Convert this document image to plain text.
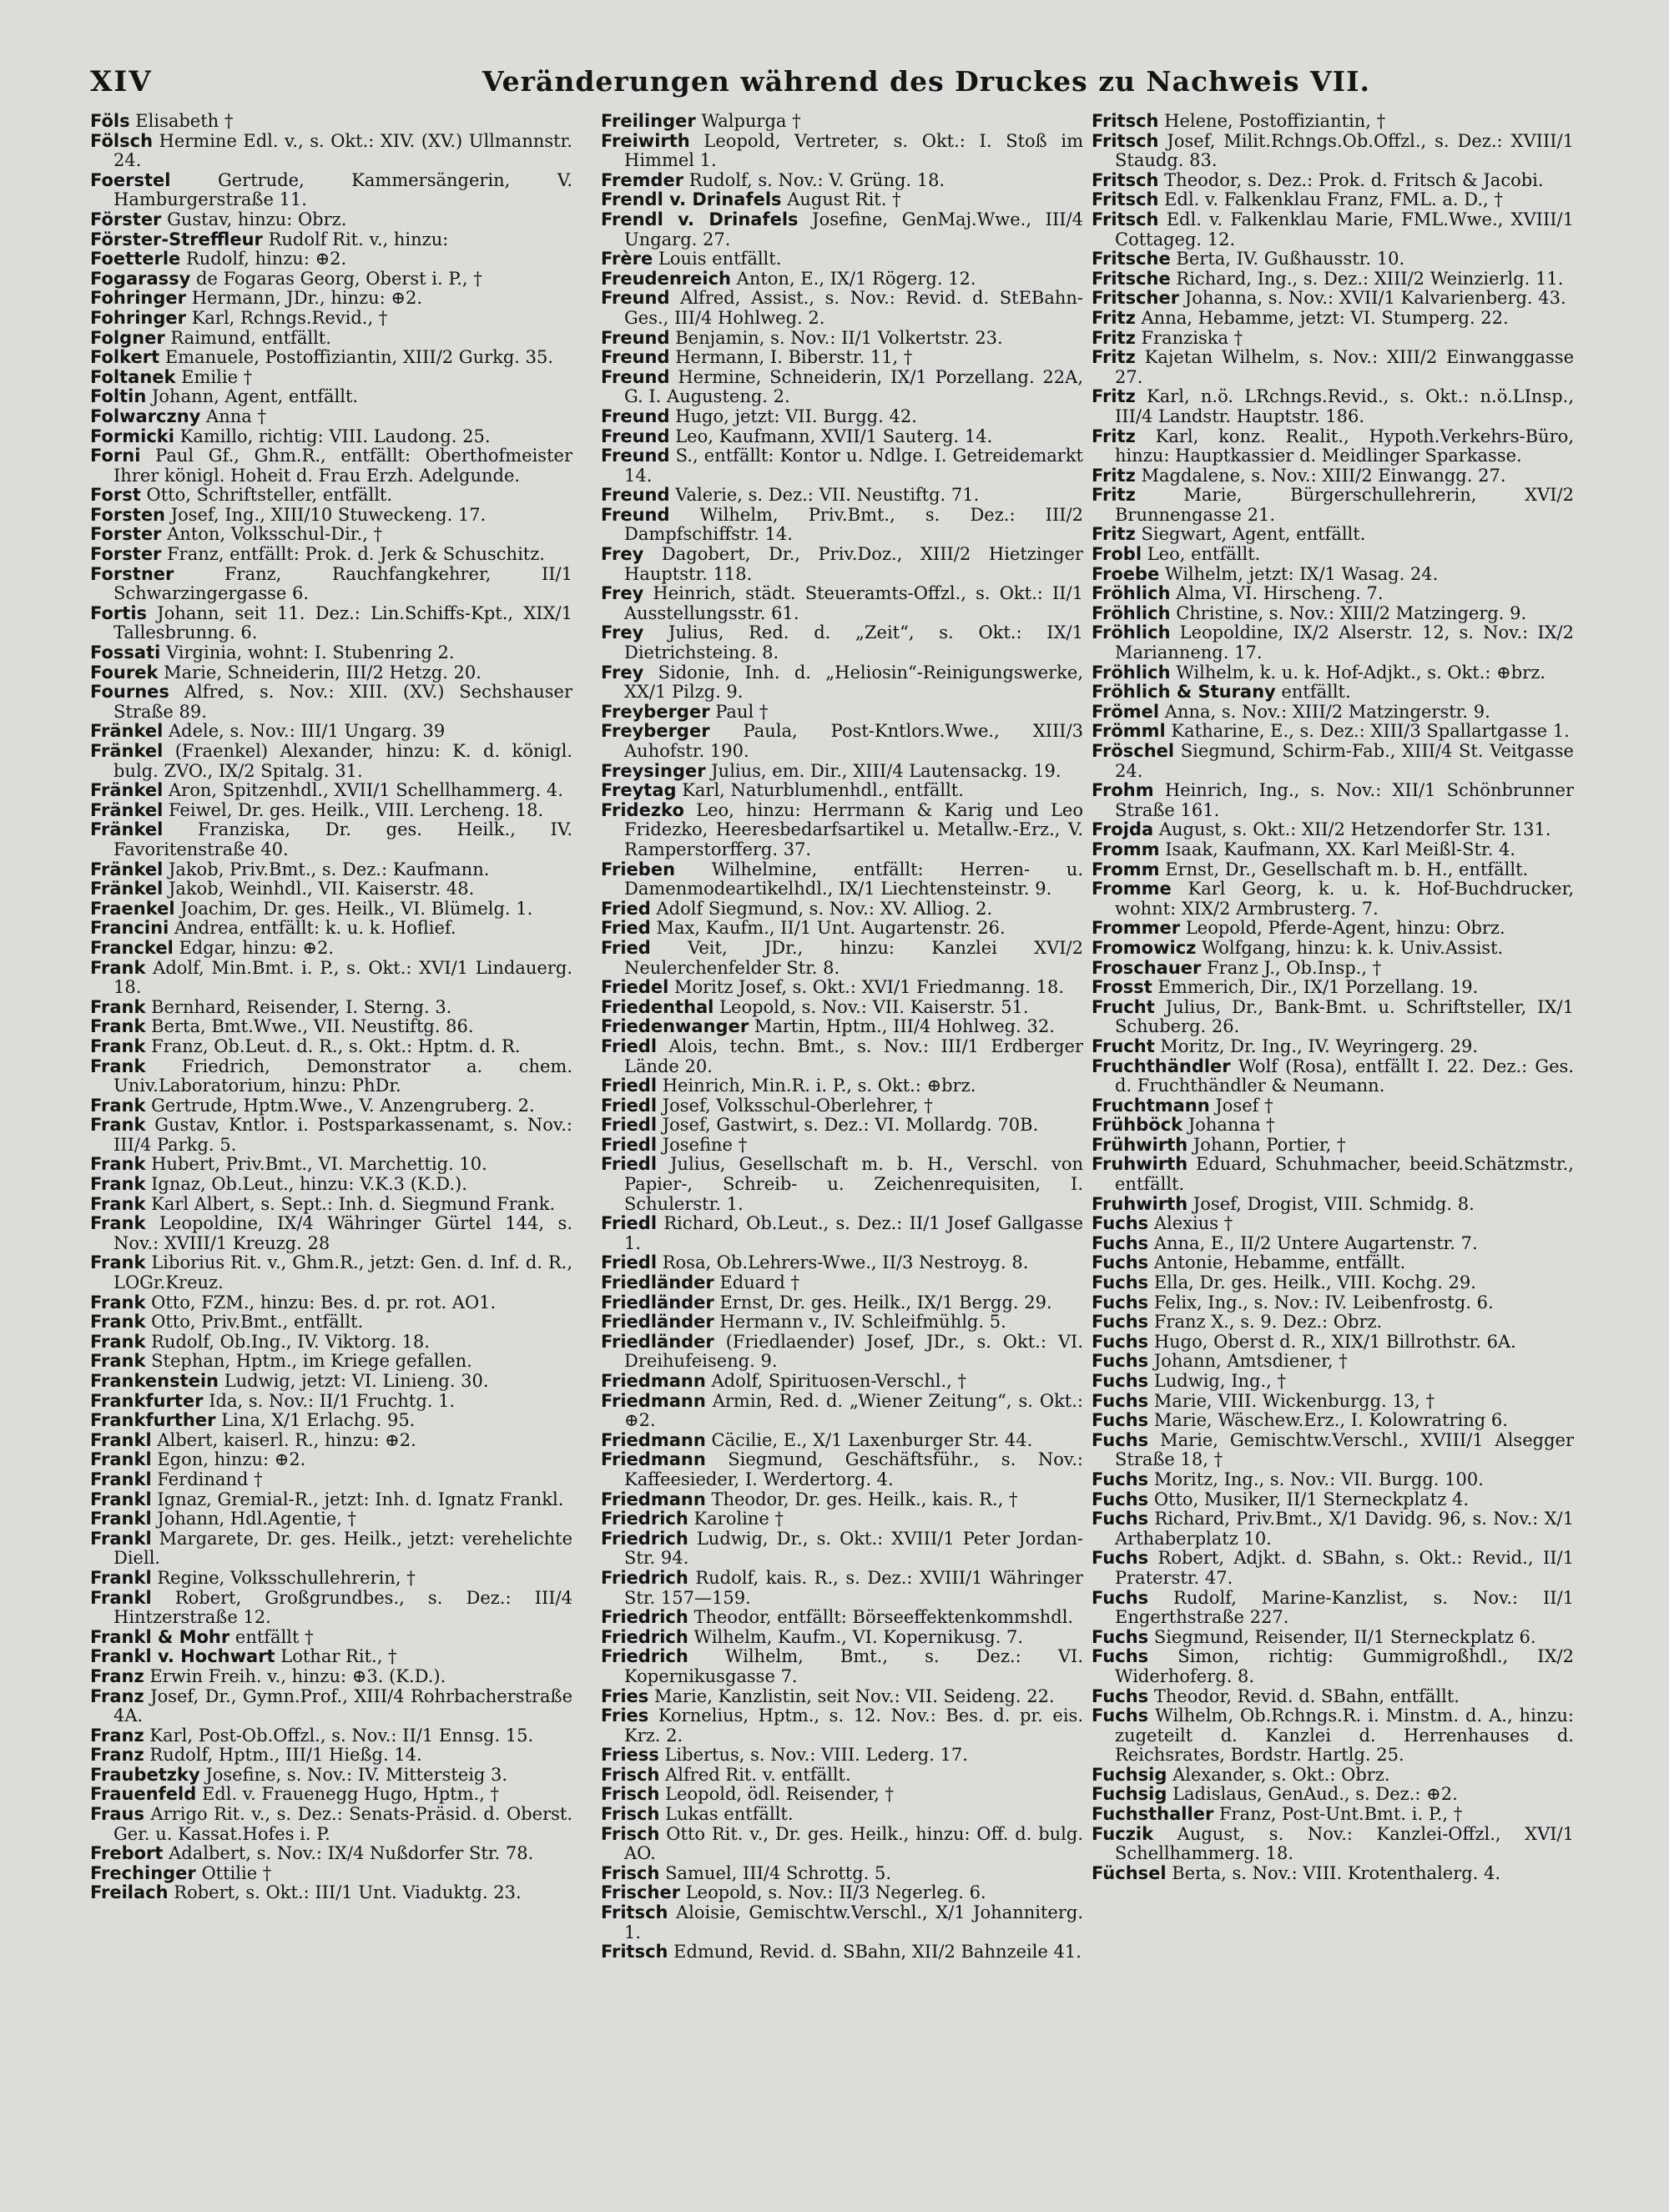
XIV	Veränderungen während des Druckes zu Nachweis VII.
Föls Elisabeth †
Fölsch Hermine Edl. v., s. Okt.: XIV. (XV.) Ullmannstr. 24.
Foerstel Gertrude, Kammersängerin, V. Hamburgerstraße 11.
Förster Gustav, hinzu: Obrz.
Förster-Streffleur Rudolf Rit. v., hinzu:
Foetterle Rudolf, hinzu: ⊕2.
Fogarassy de Fogaras Georg, Oberst i. P., †
Fohringer Hermann, JDr., hinzu: ⊕2.
Fohringer Karl, Rchngs.Revid., †
Folgner Raimund, entfällt.
Folkert Emanuele, Postoffiziantin, XIII/2 Gurkg. 35.
Foltanek Emilie †
Foltin Johann, Agent, entfällt.
Folwarczny Anna †
Formicki Kamillo, richtig: VIII. Laudong. 25.
Forni Paul Gf., Ghm.R., entfällt: Oberthofmeister Ihrer königl. Hoheit d. Frau Erzh. Adelgunde.
Forst Otto, Schriftsteller, entfällt.
Forsten Josef, Ing., XIII/10 Stuweckeng. 17.
Forster Anton, Volksschul-Dir., †
Forster Franz, entfällt: Prok. d. Jerk & Schuschitz.
Forstner Franz, Rauchfangkehrer, II/1 Schwarzingergasse 6.
Fortis Johann, seit 11. Dez.: Lin.Schiffs-Kpt., XIX/1 Tallesbrunng. 6.
Fossati Virginia, wohnt: I. Stubenring 2.
Fourek Marie, Schneiderin, III/2 Hetzg. 20.
Fournes Alfred, s. Nov.: XIII. (XV.) Sechshauser Straße 89.
Fränkel Adele, s. Nov.: III/1 Ungarg. 39
Fränkel (Fraenkel) Alexander, hinzu: K. d. königl. bulg. ZVO., IX/2 Spitalg. 31.
Fränkel Aron, Spitzenhdl., XVII/1 Schellhammerg. 4.
Fränkel Feiwel, Dr. ges. Heilk., VIII. Lercheng. 18.
Fränkel Franziska, Dr. ges. Heilk., IV. Favoritenstraße 40.
Fränkel Jakob, Priv.Bmt., s. Dez.: Kaufmann.
Fränkel Jakob, Weinhdl., VII. Kaiserstr. 48.
Fraenkel Joachim, Dr. ges. Heilk., VI. Blümelg. 1.
Francini Andrea, entfällt: k. u. k. Hoflief.
Franckel Edgar, hinzu: ⊕2.
Frank Adolf, Min.Bmt. i. P., s. Okt.: XVI/1 Lindauerg. 18.
Frank Bernhard, Reisender, I. Sterng. 3.
Frank Berta, Bmt.Wwe., VII. Neustiftg. 86.
Frank Franz, Ob.Leut. d. R., s. Okt.: Hptm. d. R.
Frank Friedrich, Demonstrator a. chem. Univ.Laboratorium, hinzu: PhDr.
Frank Gertrude, Hptm.Wwe., V. Anzengruberg. 2.
Frank Gustav, Kntlor. i. Postsparkassenamt, s. Nov.: III/4 Parkg. 5.
Frank Hubert, Priv.Bmt., VI. Marchettig. 10.
Frank Ignaz, Ob.Leut., hinzu: V.K.3 (K.D.).
Frank Karl Albert, s. Sept.: Inh. d. Siegmund Frank.
Frank Leopoldine, IX/4 Währinger Gürtel 144, s. Nov.: XVIII/1 Kreuzg. 28
Frank Liborius Rit. v., Ghm.R., jetzt: Gen. d. Inf. d. R., LOGr.Kreuz.
Frank Otto, FZM., hinzu: Bes. d. pr. rot. AO1.
Frank Otto, Priv.Bmt., entfällt.
Frank Rudolf, Ob.Ing., IV. Viktorg. 18.
Frank Stephan, Hptm., im Kriege gefallen.
Frankenstein Ludwig, jetzt: VI. Linieng. 30.
Frankfurter Ida, s. Nov.: II/1 Fruchtg. 1.
Frankfurther Lina, X/1 Erlachg. 95.
Frankl Albert, kaiserl. R., hinzu: ⊕2.
Frankl Egon, hinzu: ⊕2.
Frankl Ferdinand †
Frankl Ignaz, Gremial-R., jetzt: Inh. d. Ignatz Frankl.
Frankl Johann, Hdl.Agentie, †
Frankl Margarete, Dr. ges. Heilk., jetzt: verehelichte Diell.
Frankl Regine, Volksschullehrerin, †
Frankl Robert, Großgrundbes., s. Dez.: III/4 Hintzerstraße 12.
Frankl & Mohr entfällt †
Frankl v. Hochwart Lothar Rit., †
Franz Erwin Freih. v., hinzu: ⊕3. (K.D.).
Franz Josef, Dr., Gymn.Prof., XIII/4 Rohrbacherstraße 4A.
Franz Karl, Post-Ob.Offzl., s. Nov.: II/1 Ennsg. 15.
Franz Rudolf, Hptm., III/1 Hießg. 14.
Fraubetzky Josefine, s. Nov.: IV. Mittersteig 3.
Frauenfeld Edl. v. Frauenegg Hugo, Hptm., †
Fraus Arrigo Rit. v., s. Dez.: Senats-Präsid. d. Oberst. Ger. u. Kassat.Hofes i. P.
Frebort Adalbert, s. Nov.: IX/4 Nußdorfer Str. 78.
Frechinger Ottilie †
Freilach Robert, s. Okt.: III/1 Unt. Viaduktg. 23.
Freilinger Walpurga †
Freiwirth Leopold, Vertreter, s. Okt.: I. Stoß im Himmel 1.
Fremder Rudolf, s. Nov.: V. Grüng. 18.
Frendl v. Drinafels August Rit. †
Frendl v. Drinafels Josefine, GenMaj.Wwe., III/4 Ungarg. 27.
Frère Louis entfällt.
Freudenreich Anton, E., IX/1 Rögerg. 12.
Freund Alfred, Assist., s. Nov.: Revid. d. StEBahn-Ges., III/4 Hohlweg. 2.
Freund Benjamin, s. Nov.: II/1 Volkertstr. 23.
Freund Hermann, I. Biberstr. 11, †
Freund Hermine, Schneiderin, IX/1 Porzellang. 22A, G. I. Augusteng. 2.
Freund Hugo, jetzt: VII. Burgg. 42.
Freund Leo, Kaufmann, XVII/1 Sauterg. 14.
Freund S., entfällt: Kontor u. Ndlge. I. Getreidemarkt 14.
Freund Valerie, s. Dez.: VII. Neustiftg. 71.
Freund Wilhelm, Priv.Bmt., s. Dez.: III/2 Dampfschiffstr. 14.
Frey Dagobert, Dr., Priv.Doz., XIII/2 Hietzinger Hauptstr. 118.
Frey Heinrich, städt. Steueramts-Offzl., s. Okt.: II/1 Ausstellungsstr. 61.
Frey Julius, Red. d. „Zeit“, s. Okt.: IX/1 Dietrichsteing. 8.
Frey Sidonie, Inh. d. „Heliosin“-Reinigungswerke, XX/1 Pilzg. 9.
Freyberger Paul †
Freyberger Paula, Post-Kntlors.Wwe., XIII/3 Auhofstr. 190.
Freysinger Julius, em. Dir., XIII/4 Lautensackg. 19.
Freytag Karl, Naturblumenhdl., entfällt.
Fridezko Leo, hinzu: Herrmann & Karig und Leo Fridezko, Heeresbedarfsartikel u. Metallw.-Erz., V. Ramperstorfferg. 37.
Frieben Wilhelmine, entfällt: Herren- u. Damenmodeartikelhdl., IX/1 Liechtensteinstr. 9.
Fried Adolf Siegmund, s. Nov.: XV. Alliog. 2.
Fried Max, Kaufm., II/1 Unt. Augartenstr. 26.
Fried Veit, JDr., hinzu: Kanzlei XVI/2 Neulerchenfelder Str. 8.
Friedel Moritz Josef, s. Okt.: XVI/1 Friedmanng. 18.
Friedenthal Leopold, s. Nov.: VII. Kaiserstr. 51.
Friedenwanger Martin, Hptm., III/4 Hohlweg. 32.
Friedl Alois, techn. Bmt., s. Nov.: III/1 Erdberger Lände 20.
Friedl Heinrich, Min.R. i. P., s. Okt.: ⊕brz.
Friedl Josef, Volksschul-Oberlehrer, †
Friedl Josef, Gastwirt, s. Dez.: VI. Mollardg. 70B.
Friedl Josefine †
Friedl Julius, Gesellschaft m. b. H., Verschl. von Papier-, Schreib- u. Zeichenrequisiten, I. Schulerstr. 1.
Friedl Richard, Ob.Leut., s. Dez.: II/1 Josef Gallgasse 1.
Friedl Rosa, Ob.Lehrers-Wwe., II/3 Nestroyg. 8.
Friedländer Eduard †
Friedländer Ernst, Dr. ges. Heilk., IX/1 Bergg. 29.
Friedländer Hermann v., IV. Schleifmühlg. 5.
Friedländer (Friedlaender) Josef, JDr., s. Okt.: VI. Dreihufeiseng. 9.
Friedmann Adolf, Spirituosen-Verschl., †
Friedmann Armin, Red. d. „Wiener Zeitung“, s. Okt.: ⊕2.
Friedmann Cäcilie, E., X/1 Laxenburger Str. 44.
Friedmann Siegmund, Geschäftsführ., s. Nov.: Kaffeesieder, I. Werdertorg. 4.
Friedmann Theodor, Dr. ges. Heilk., kais. R., †
Friedrich Karoline †
Friedrich Ludwig, Dr., s. Okt.: XVIII/1 Peter Jordan-Str. 94.
Friedrich Rudolf, kais. R., s. Dez.: XVIII/1 Währinger Str. 157—159.
Friedrich Theodor, entfällt: Börseeffektenkommshdl.
Friedrich Wilhelm, Kaufm., VI. Kopernikusg. 7.
Friedrich Wilhelm, Bmt., s. Dez.: VI. Kopernikusgasse 7.
Fries Marie, Kanzlistin, seit Nov.: VII. Seideng. 22.
Fries Kornelius, Hptm., s. 12. Nov.: Bes. d. pr. eis. Krz. 2.
Friess Libertus, s. Nov.: VIII. Lederg. 17.
Frisch Alfred Rit. v. entfällt.
Frisch Leopold, ödl. Reisender, †
Frisch Lukas entfällt.
Frisch Otto Rit. v., Dr. ges. Heilk., hinzu: Off. d. bulg. AO.
Frisch Samuel, III/4 Schrottg. 5.
Frischer Leopold, s. Nov.: II/3 Negerleg. 6.
Fritsch Aloisie, Gemischtw.Verschl., X/1 Johanniterg. 1.
Fritsch Edmund, Revid. d. SBahn, XII/2 Bahnzeile 41.
Fritsch Helene, Postoffiziantin, †
Fritsch Josef, Milit.Rchngs.Ob.Offzl., s. Dez.: XVIII/1 Staudg. 83.
Fritsch Theodor, s. Dez.: Prok. d. Fritsch & Jacobi.
Fritsch Edl. v. Falkenklau Franz, FML. a. D., †
Fritsch Edl. v. Falkenklau Marie, FML.Wwe., XVIII/1 Cottageg. 12.
Fritsche Berta, IV. Gußhausstr. 10.
Fritsche Richard, Ing., s. Dez.: XIII/2 Weinzierlg. 11.
Fritscher Johanna, s. Nov.: XVII/1 Kalvarienberg. 43.
Fritz Anna, Hebamme, jetzt: VI. Stumperg. 22.
Fritz Franziska †
Fritz Kajetan Wilhelm, s. Nov.: XIII/2 Einwanggasse 27.
Fritz Karl, n.ö. LRchngs.Revid., s. Okt.: n.ö.LInsp., III/4 Landstr. Hauptstr. 186.
Fritz Karl, konz. Realit., Hypoth.Verkehrs-Büro, hinzu: Hauptkassier d. Meidlinger Sparkasse.
Fritz Magdalene, s. Nov.: XIII/2 Einwangg. 27.
Fritz Marie, Bürgerschullehrerin, XVI/2 Brunnengasse 21.
Fritz Siegwart, Agent, entfällt.
Frobl Leo, entfällt.
Froebe Wilhelm, jetzt: IX/1 Wasag. 24.
Fröhlich Alma, VI. Hirscheng. 7.
Fröhlich Christine, s. Nov.: XIII/2 Matzingerg. 9.
Fröhlich Leopoldine, IX/2 Alserstr. 12, s. Nov.: IX/2 Marianneng. 17.
Fröhlich Wilhelm, k. u. k. Hof-Adjkt., s. Okt.: ⊕brz.
Fröhlich & Sturany entfällt.
Frömel Anna, s. Nov.: XIII/2 Matzingerstr. 9.
Frömml Katharine, E., s. Dez.: XIII/3 Spallartgasse 1.
Fröschel Siegmund, Schirm-Fab., XIII/4 St. Veitgasse 24.
Frohm Heinrich, Ing., s. Nov.: XII/1 Schönbrunner Straße 161.
Frojda August, s. Okt.: XII/2 Hetzendorfer Str. 131.
Fromm Isaak, Kaufmann, XX. Karl Meißl-Str. 4.
Fromm Ernst, Dr., Gesellschaft m. b. H., entfällt.
Fromme Karl Georg, k. u. k. Hof-Buchdrucker, wohnt: XIX/2 Armbrusterg. 7.
Frommer Leopold, Pferde-Agent, hinzu: Obrz.
Fromowicz Wolfgang, hinzu: k. k. Univ.Assist.
Froschauer Franz J., Ob.Insp., †
Frosst Emmerich, Dir., IX/1 Porzellang. 19.
Frucht Julius, Dr., Bank-Bmt. u. Schriftsteller, IX/1 Schuberg. 26.
Frucht Moritz, Dr. Ing., IV. Weyringerg. 29.
Fruchthändler Wolf (Rosa), entfällt I. 22. Dez.: Ges. d. Fruchthändler & Neumann.
Fruchtmann Josef †
Frühböck Johanna †
Frühwirth Johann, Portier, †
Fruhwirth Eduard, Schuhmacher, beeid.Schätzmstr., entfällt.
Fruhwirth Josef, Drogist, VIII. Schmidg. 8.
Fuchs Alexius †
Fuchs Anna, E., II/2 Untere Augartenstr. 7.
Fuchs Antonie, Hebamme, entfällt.
Fuchs Ella, Dr. ges. Heilk., VIII. Kochg. 29.
Fuchs Felix, Ing., s. Nov.: IV. Leibenfrostg. 6.
Fuchs Franz X., s. 9. Dez.: Obrz.
Fuchs Hugo, Oberst d. R., XIX/1 Billrothstr. 6A.
Fuchs Johann, Amtsdiener, †
Fuchs Ludwig, Ing., †
Fuchs Marie, VIII. Wickenburgg. 13, †
Fuchs Marie, Wäschew.Erz., I. Kolowratring 6.
Fuchs Marie, Gemischtw.Verschl., XVIII/1 Alsegger Straße 18, †
Fuchs Moritz, Ing., s. Nov.: VII. Burgg. 100.
Fuchs Otto, Musiker, II/1 Sterneckplatz 4.
Fuchs Richard, Priv.Bmt., X/1 Davidg. 96, s. Nov.: X/1 Arthaberplatz 10.
Fuchs Robert, Adjkt. d. SBahn, s. Okt.: Revid., II/1 Praterstr. 47.
Fuchs Rudolf, Marine-Kanzlist, s. Nov.: II/1 Engerthstraße 227.
Fuchs Siegmund, Reisender, II/1 Sterneckplatz 6.
Fuchs Simon, richtig: Gummigroßhdl., IX/2 Widerhoferg. 8.
Fuchs Theodor, Revid. d. SBahn, entfällt.
Fuchs Wilhelm, Ob.Rchngs.R. i. Minstm. d. A., hinzu: zugeteilt d. Kanzlei d. Herrenhauses d. Reichsrates, Bordstr. Hartlg. 25.
Fuchsig Alexander, s. Okt.: Obrz.
Fuchsig Ladislaus, GenAud., s. Dez.: ⊕2.
Fuchsthaller Franz, Post-Unt.Bmt. i. P., †
Fuczik August, s. Nov.: Kanzlei-Offzl., XVI/1 Schellhammerg. 18.
Füchsel Berta, s. Nov.: VIII. Krotenthalerg. 4.
